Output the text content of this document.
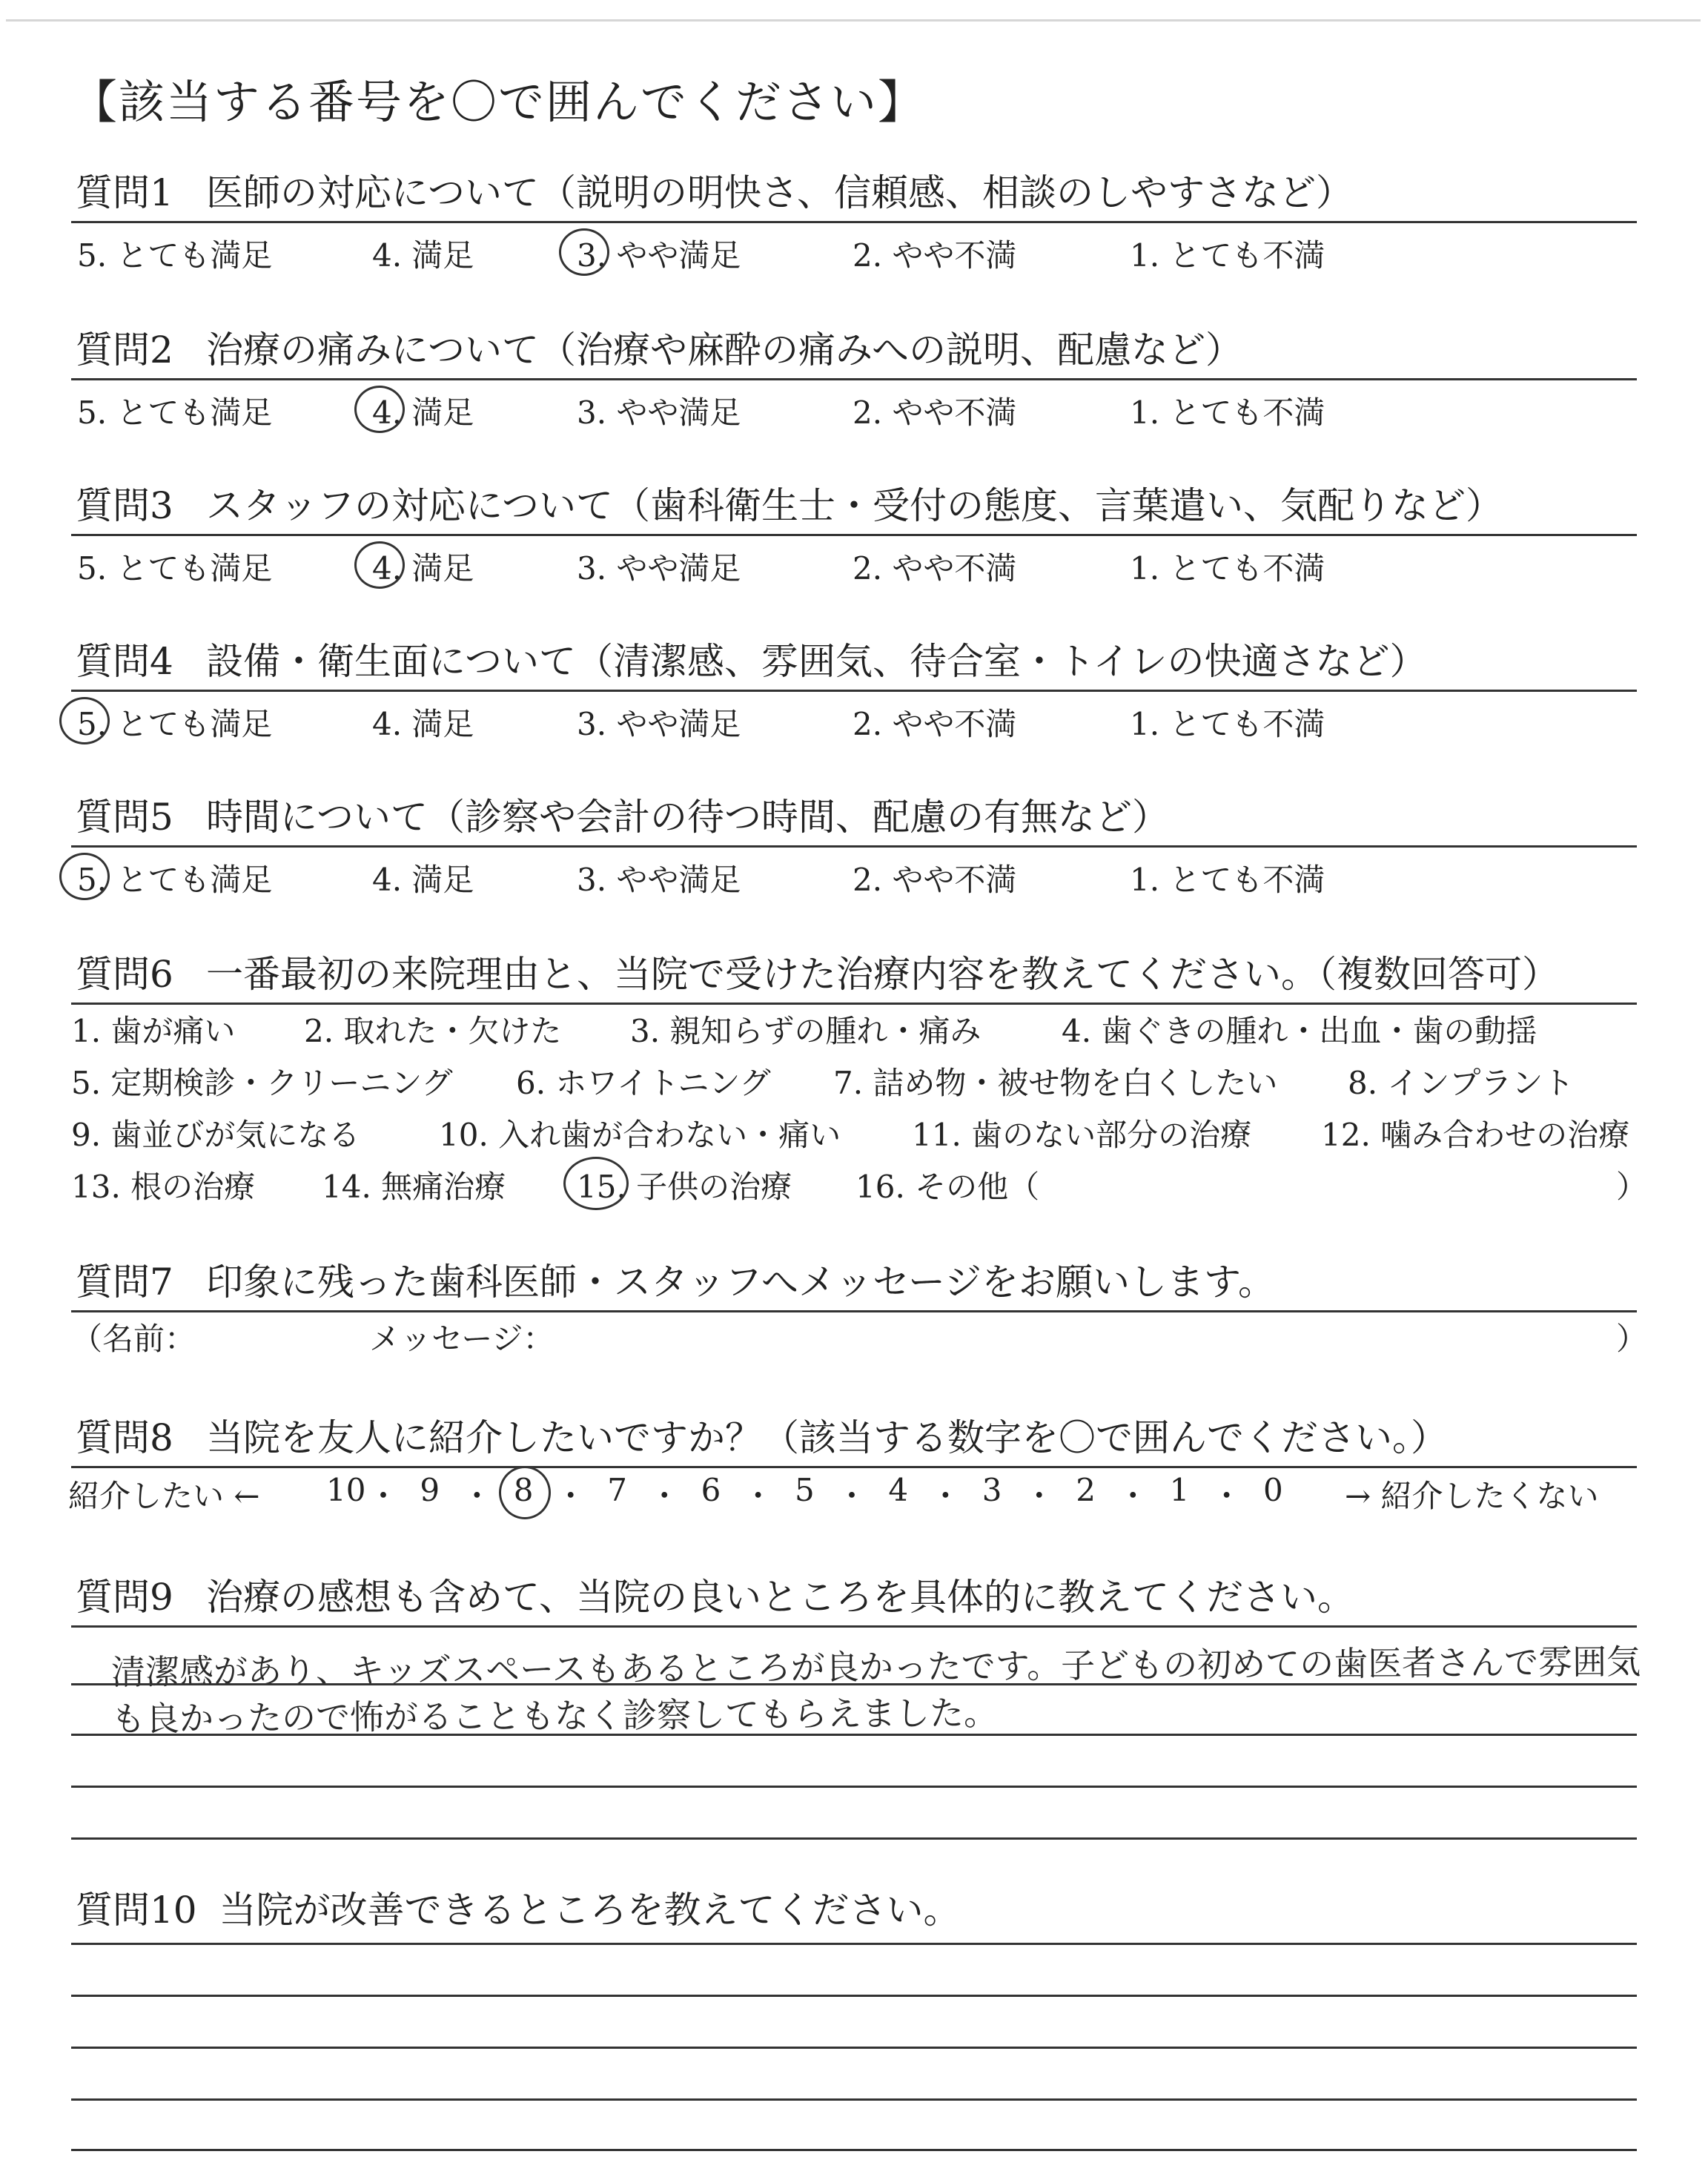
【該当する番号を〇で囲んでください】
質問1 医師の対応について（説明の明快さ、信頼感、相談のしやすさなど）
5. とても満足	4. 満足	3. やや満足	2. やや不満	1. とても不満
質問2 治療の痛みについて（治療や麻酔の痛みへの説明、配慮など）
5. とても満足	4. 満足	3. やや満足	2. やや不満	1. とても不満
質問3 スタッフの対応について（歯科衛生士・受付の態度、言葉遣い、気配りなど）
5. とても満足	4. 満足	3. やや満足	2. やや不満	1. とても不満
質問4 設備・衛生面について（清潔感、雰囲気、待合室・トイレの快適さなど）
5. とても満足	4. 満足	3. やや満足	2. やや不満	1. とても不満
質問5 時間について（診察や会計の待つ時間、配慮の有無など）
5. とても満足	4. 満足	3. やや満足	2. やや不満	1. とても不満
質問6 一番最初の来院理由と、当院で受けた治療内容を教えてください。（複数回答可）
1. 歯が痛い 2. 取れた・欠けた 3. 親知らずの腫れ・痛み	4. 歯ぐきの腫れ・出血・歯の動揺
5. 定期検診・クリーニング 6. ホワイトニング 7. 詰め物・被せ物を白くしたい 8. インプラント
9. 歯並びが気になる	10. 入れ歯が合わない・痛い 11. 歯のない部分の治療 12. 噛み合わせの治療
13. 根の治療 14. 無痛治療 15. 子供の治療 16. その他（	）
質問7 印象に残った歯科医師・スタッフへメッセージをお願いします。
（名前：	メッセージ：	）
質問8 当院を友人に紹介したいですか？（該当する数字を〇で囲んでください。）
紹介したい ← 10 ・ 9 ・ 8 ・ 7 ・ 6 ・ 5 ・ 4 ・ 3 ・ 2 ・ 1 ・ 0 → 紹介したくない
質問9 治療の感想も含めて、当院の良いところを具体的に教えてください。
清潔感があり、キッズスペースもあるところが良かったです。子どもの初めての歯医者さんで雰囲気
も良かったので怖がることもなく診察してもらえました。
質問10 当院が改善できるところを教えてください。
